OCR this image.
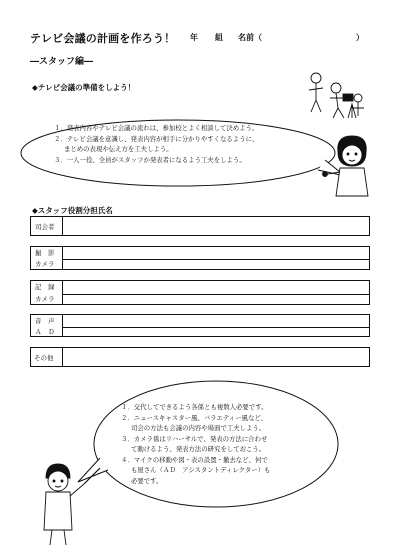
テレビ会議の計画を作ろう！ 年 組 名前（	）
―スタッフ編―
◆テレビ会議の準備をしよう！

１．発表内容やテレビ会議の流れは、参加校とよく相談して決めよう。

２．テレビ会議を意識し、発表内容が相手に分かりやすくなるように、

まとめの表現や伝え方を工夫しよう。

３．一人一役、全員がスタッフか発表者になるよう工夫をしよう。

◆スタッフ役割分担氏名
司会者
撮　影
カメラ
記　録
カメラ
音　声
Ａ　Ｄ
その他

１．交代してできるよう各係とも複数人必要です。

２．ニュースキャスター風、バラエティー風など、

司会の方法も会議の内容や場面で工夫しよう。

３．カメラ係はリハーサルで、発表の方法に合わせ

て動けるよう、発表方法の研究をしておこう。

４．マイクの移動や図・表の設置・撤去など、何で

も屋さん（ＡＤ　アシスタントディレクター）も

必要です。
